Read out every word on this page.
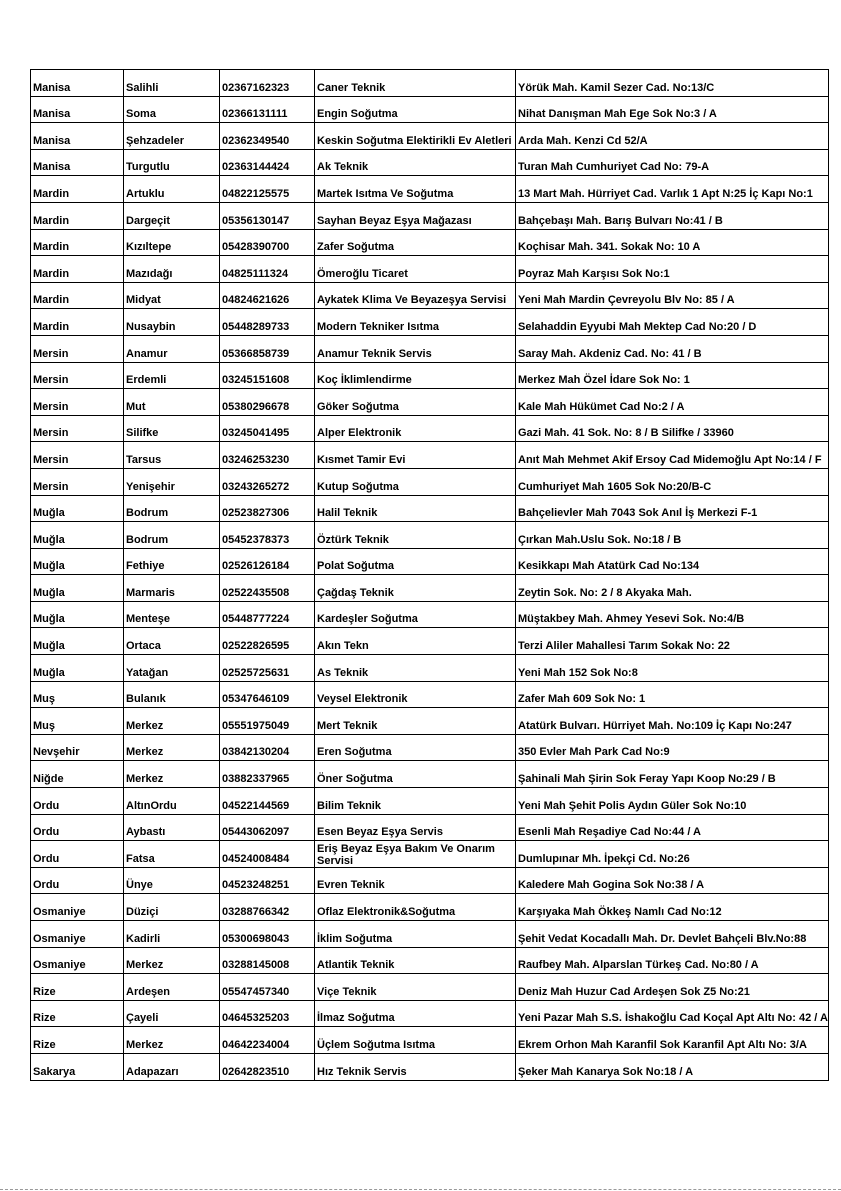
Manisa	Salihli	02367162323	Caner Teknik	Yörük Mah. Kamil Sezer Cad. No:13/C
Manisa	Soma	02366131111	Engin Soğutma	Nihat Danışman Mah Ege Sok No:3 / A
Manisa	Şehzadeler	02362349540	Keskin Soğutma Elektirikli Ev Aletleri	Arda Mah. Kenzi Cd 52/A
Manisa	Turgutlu	02363144424	Ak Teknik	Turan Mah Cumhuriyet Cad No: 79-A
Mardin	Artuklu	04822125575	Martek Isıtma Ve Soğutma	13 Mart Mah. Hürriyet Cad. Varlık 1 Apt N:25 İç Kapı No:1
Mardin	Dargeçit	05356130147	Sayhan Beyaz Eşya Mağazası	Bahçebaşı Mah. Barış Bulvarı No:41 / B
Mardin	Kızıltepe	05428390700	Zafer Soğutma	Koçhisar Mah. 341. Sokak No: 10 A
Mardin	Mazıdağı	04825111324	Ömeroğlu Ticaret	Poyraz Mah Karşısı Sok No:1
Mardin	Midyat	04824621626	Aykatek Klima Ve Beyazeşya Servisi	Yeni Mah Mardin Çevreyolu Blv No: 85 / A
Mardin	Nusaybin	05448289733	Modern Tekniker Isıtma	Selahaddin Eyyubi Mah Mektep Cad No:20 / D
Mersin	Anamur	05366858739	Anamur Teknik Servis	Saray Mah. Akdeniz Cad. No: 41 / B
Mersin	Erdemli	03245151608	Koç İklimlendirme	Merkez Mah Özel İdare Sok No: 1
Mersin	Mut	05380296678	Göker Soğutma	Kale Mah Hükümet Cad No:2 / A
Mersin	Silifke	03245041495	Alper Elektronik	Gazi Mah. 41 Sok. No: 8 / B Silifke / 33960
Mersin	Tarsus	03246253230	Kısmet Tamir Evi	Anıt Mah Mehmet Akif Ersoy Cad Midemoğlu Apt No:14 / F
Mersin	Yenişehir	03243265272	Kutup Soğutma	Cumhuriyet Mah 1605 Sok No:20/B-C
Muğla	Bodrum	02523827306	Halil Teknik	Bahçelievler Mah 7043 Sok Anıl İş Merkezi F-1
Muğla	Bodrum	05452378373	Öztürk Teknik	Çırkan Mah.Uslu Sok. No:18 / B
Muğla	Fethiye	02526126184	Polat Soğutma	Kesikkapı Mah Atatürk Cad No:134
Muğla	Marmaris	02522435508	Çağdaş Teknik	Zeytin Sok. No: 2 / 8 Akyaka Mah.
Muğla	Menteşe	05448777224	Kardeşler Soğutma	Müştakbey Mah. Ahmey Yesevi Sok. No:4/B
Muğla	Ortaca	02522826595	Akın Tekn	Terzi Aliler Mahallesi Tarım Sokak No: 22
Muğla	Yatağan	02525725631	As Teknik	Yeni Mah 152 Sok No:8
Muş	Bulanık	05347646109	Veysel Elektronik	Zafer Mah 609 Sok No: 1
Muş	Merkez	05551975049	Mert Teknik	Atatürk Bulvarı. Hürriyet Mah. No:109 İç Kapı No:247
Nevşehir	Merkez	03842130204	Eren Soğutma	350 Evler Mah Park Cad No:9
Niğde	Merkez	03882337965	Öner Soğutma	Şahinali Mah Şirin Sok Feray Yapı Koop No:29 / B
Ordu	AltınOrdu	04522144569	Bilim Teknik	Yeni Mah Şehit Polis Aydın Güler Sok No:10
Ordu	Aybastı	05443062097	Esen Beyaz Eşya Servis	Esenli Mah Reşadiye Cad No:44 / A
Ordu	Fatsa	04524008484	Eriş Beyaz Eşya Bakım Ve Onarım Servisi	Dumlupınar Mh. İpekçi Cd. No:26
Ordu	Ünye	04523248251	Evren Teknik	Kaledere Mah Gogina Sok No:38 / A
Osmaniye	Düziçi	03288766342	Oflaz Elektronik&Soğutma	Karşıyaka Mah Ökkeş Namlı Cad No:12
Osmaniye	Kadirli	05300698043	İklim Soğutma	Şehit Vedat Kocadallı Mah. Dr. Devlet Bahçeli Blv.No:88
Osmaniye	Merkez	03288145008	Atlantik Teknik	Raufbey Mah. Alparslan Türkeş Cad. No:80 / A
Rize	Ardeşen	05547457340	Viçe Teknik	Deniz Mah Huzur Cad Ardeşen Sok Z5 No:21
Rize	Çayeli	04645325203	İlmaz Soğutma	Yeni Pazar Mah S.S. İshakoğlu Cad Koçal Apt Altı No: 42 / A
Rize	Merkez	04642234004	Üçlem Soğutma Isıtma	Ekrem Orhon Mah Karanfil Sok Karanfil Apt Altı No: 3/A
Sakarya	Adapazarı	02642823510	Hız Teknik Servis	Şeker Mah Kanarya Sok No:18 / A
